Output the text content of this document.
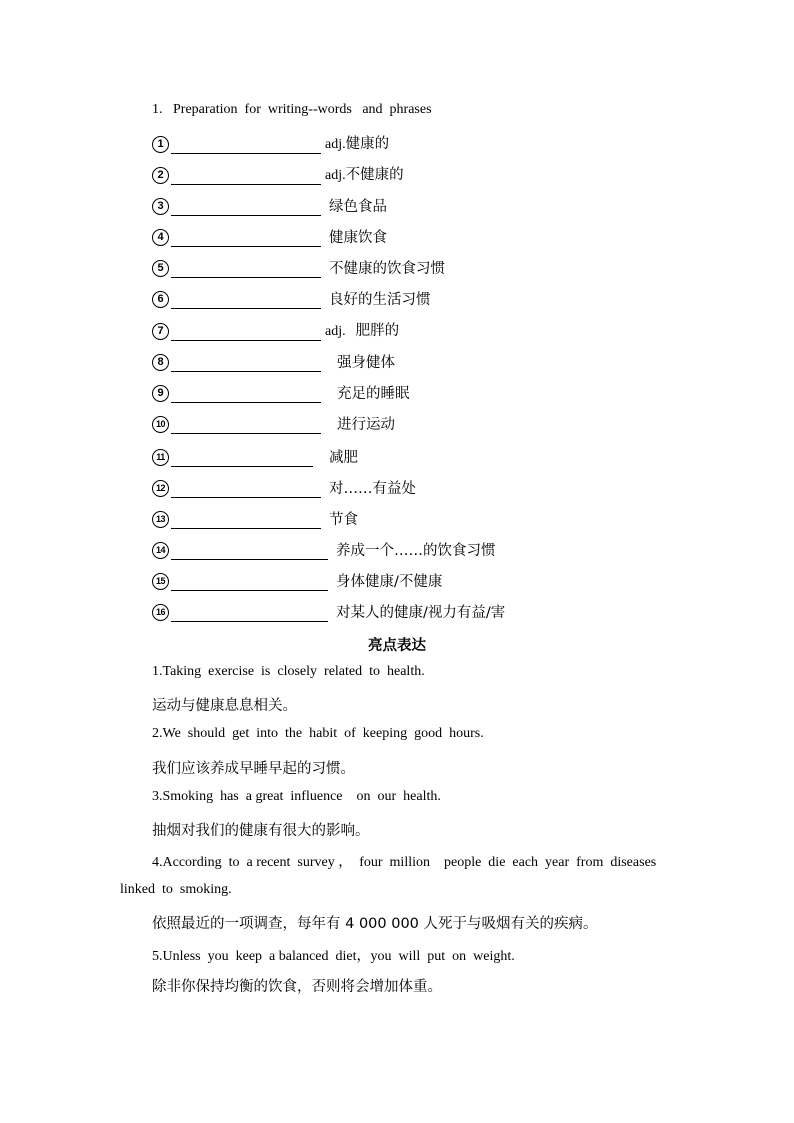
1.   Preparation  for  writing--words   and  phrases
1	adj.健康的
2	adj.不健康的
3	绿色食品
4	健康饮食
5	不健康的饮食习惯
6	良好的生活习惯
7	adj. 肥胖的
8	强身健体
9	充足的睡眠
10	进行运动
11	减肥
12	对……有益处
13	节食
14	养成一个……的饮食习惯
15	身体健康/不健康
16	对某人的健康/视力有益/害
亮点表达
1.Taking  exercise  is  closely  related  to  health.
运动与健康息息相关。
2.We  should  get  into  the  habit  of  keeping  good  hours.
我们应该养成早睡早起的习惯。
3.Smoking  has  a great  influence    on  our  health.
抽烟对我们的健康有很大的影响。
4.According  to  a recent  survey ，  four  million    people  die  each  year  from  diseases
linked  to  smoking.
依照最近的一项调查，每年有 4 000 000 人死于与吸烟有关的疾病。
5.Unless  you  keep  a balanced  diet，you  will  put  on  weight.
除非你保持均衡的饮食，否则将会增加体重。
